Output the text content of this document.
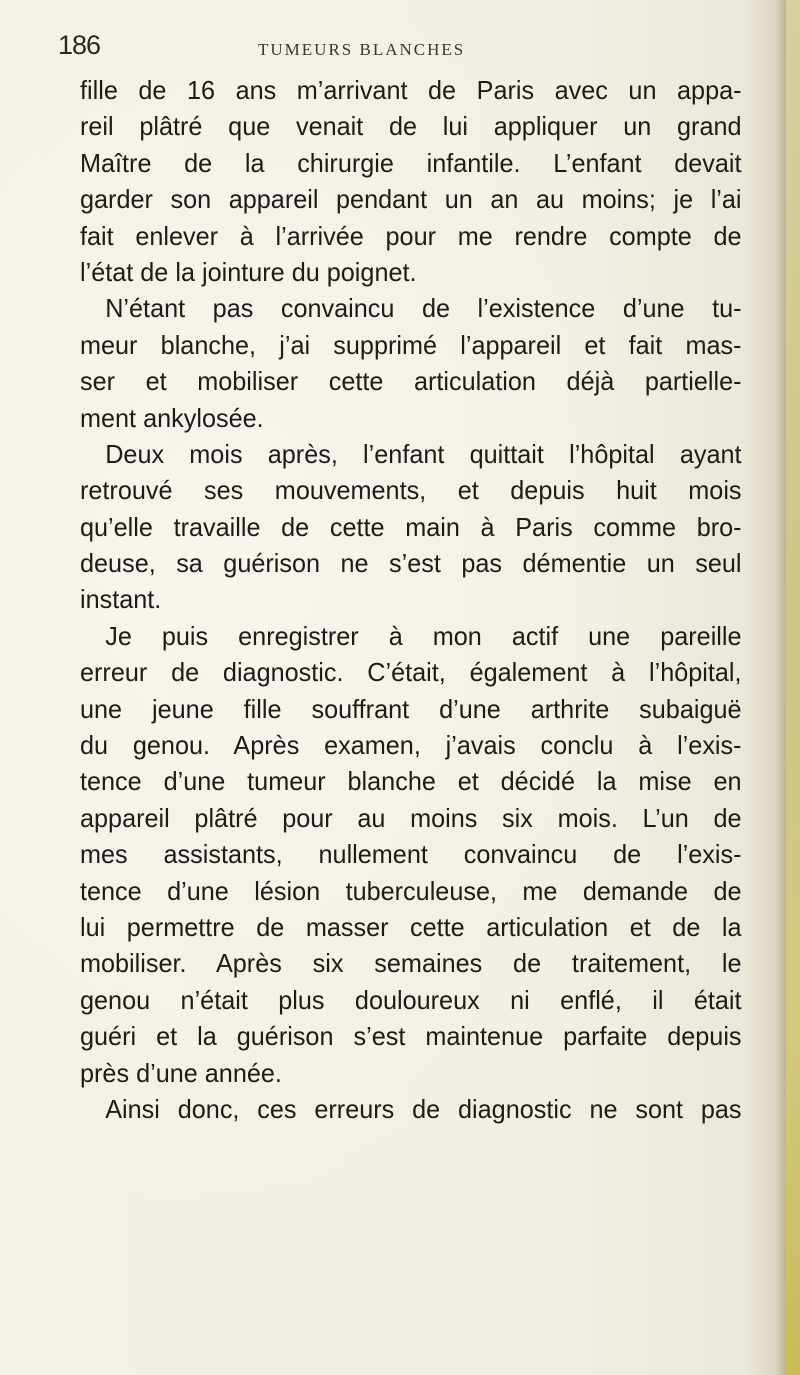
186	TUMEURS BLANCHES
fille de 16 ans m’arrivant de Paris avec un appa-
reil plâtré que venait de lui appliquer un grand
Maître de la chirurgie infantile. L’enfant devait
garder son appareil pendant un an au moins; je l’ai
fait enlever à l’arrivée pour me rendre compte de
l’état de la jointure du poignet.
N’étant pas convaincu de l’existence d’une tu-
meur blanche, j’ai supprimé l’appareil et fait mas-
ser et mobiliser cette articulation déjà partielle-
ment ankylosée.
Deux mois après, l’enfant quittait l’hôpital ayant
retrouvé ses mouvements, et depuis huit mois
qu’elle travaille de cette main à Paris comme bro-
deuse, sa guérison ne s’est pas démentie un seul
instant.
Je puis enregistrer à mon actif une pareille
erreur de diagnostic. C’était, également à l’hôpital,
une jeune fille souffrant d’une arthrite subaiguë
du genou. Après examen, j’avais conclu à l’exis-
tence d’une tumeur blanche et décidé la mise en
appareil plâtré pour au moins six mois. L’un de
mes assistants, nullement convaincu de l’exis-
tence d’une lésion tuberculeuse, me demande de
lui permettre de masser cette articulation et de la
mobiliser. Après six semaines de traitement, le
genou n’était plus douloureux ni enflé, il était
guéri et la guérison s’est maintenue parfaite depuis
près d’une année.
Ainsi donc, ces erreurs de diagnostic ne sont pas
